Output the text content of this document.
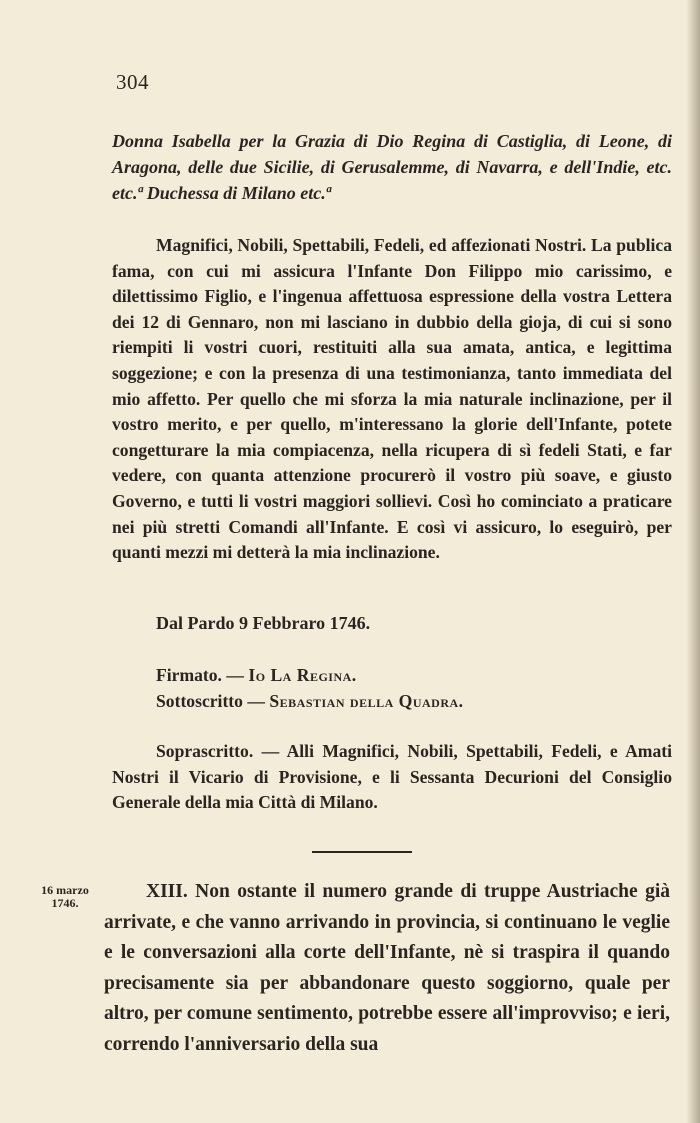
304
Donna Isabella per la Grazia di Dio Regina di Castiglia, di Leone, di Aragona, delle due Sicilie, di Gerusalemme, di Navarra, e dell'Indie, etc. etc.ª Duchessa di Milano etc.ª
Magnifici, Nobili, Spettabili, Fedeli, ed affezionati Nostri. La publica fama, con cui mi assicura l'Infante Don Filippo mio carissimo, e dilettissimo Figlio, e l'ingenua affettuosa espressione della vostra Lettera dei 12 di Gennaro, non mi lasciano in dubbio della gioja, di cui si sono riempiti li vostri cuori, restituiti alla sua amata, antica, e legittima soggezione; e con la presenza di una testimonianza, tanto immediata del mio affetto. Per quello che mi sforza la mia naturale inclinazione, per il vostro merito, e per quello, m'interessano la glorie dell'Infante, potete congetturare la mia compiacenza, nella ricupera di sì fedeli Stati, e far vedere, con quanta attenzione procurerò il vostro più soave, e giusto Governo, e tutti li vostri maggiori sollievi. Così ho cominciato a praticare nei più stretti Comandi all'Infante. E così vi assicuro, lo eseguirò, per quanti mezzi mi detterà la mia inclinazione.
Dal Pardo 9 Febbraro 1746.
Firmato. — Io La Regina.
Sottoscritto — Sebastian della Quadra.
Soprascritto. — Alli Magnifici, Nobili, Spettabili, Fedeli, e Amati Nostri il Vicario di Provisione, e li Sessanta Decurioni del Consiglio Generale della mia Città di Milano.
16 marzo
1746.
XIII. Non ostante il numero grande di truppe Austriache già arrivate, e che vanno arrivando in provincia, si continuano le veglie e le conversazioni alla corte dell'Infante, nè si traspira il quando precisamente sia per abbandonare questo soggiorno, quale per altro, per comune sentimento, potrebbe essere all'improvviso; e ieri, correndo l'anniversario della sua
